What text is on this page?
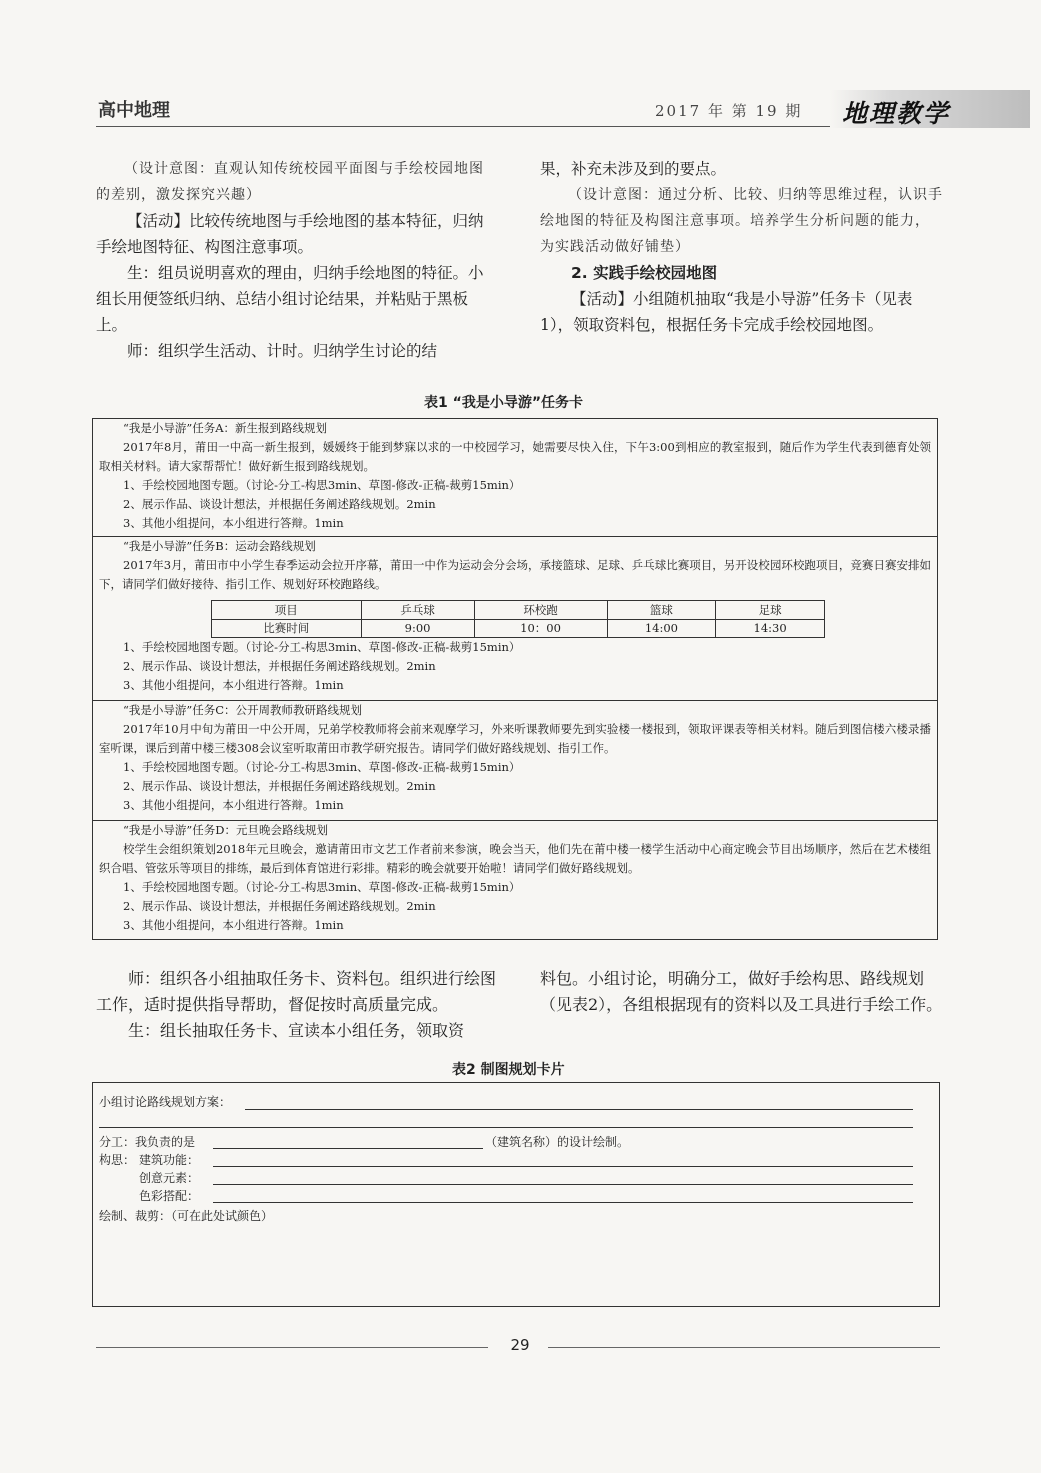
高中地理	2017 年 第 19 期 地理教学

（设计意图：直观认知传统校园平面图与手绘校园地图的差别，激发探究兴趣）

【活动】比较传统地图与手绘地图的基本特征，归纳手绘地图特征、构图注意事项。

生：组员说明喜欢的理由，归纳手绘地图的特征。小组长用便签纸归纳、总结小组讨论结果，并粘贴于黑板上。

师：组织学生活动、计时。归纳学生讨论的结

果，补充未涉及到的要点。

（设计意图：通过分析、比较、归纳等思维过程，认识手绘地图的特征及构图注意事项。培养学生分析问题的能力，为实践活动做好铺垫）

2. 实践手绘校园地图

【活动】小组随机抽取“我是小导游”任务卡（见表1），领取资料包，根据任务卡完成手绘校园地图。

表1 “我是小导游”任务卡
“我是小导游”任务A：新生报到路线规划
2017年8月，莆田一中高一新生报到，媛媛终于能到梦寐以求的一中校园学习，她需要尽快入住，下午3:00到相应的教室报到，随后作为学生代表到德育处领取相关材料。请大家帮帮忙！做好新生报到路线规划。
1、手绘校园地图专题。（讨论-分工-构思3min、草图-修改-正稿-裁剪15min）
2、展示作品、谈设计想法，并根据任务阐述路线规划。2min
3、其他小组提问，本小组进行答辩。1min
“我是小导游”任务B：运动会路线规划
2017年3月，莆田市中小学生春季运动会拉开序幕，莆田一中作为运动会分会场，承接篮球、足球、乒乓球比赛项目，另开设校园环校跑项目，竞赛日赛安排如下，请同学们做好接待、指引工作、规划好环校跑路线。
项目	乒乓球	环校跑	篮球	足球
比赛时间	9:00	10：00	14:00	14:30
1、手绘校园地图专题。（讨论-分工-构思3min、草图-修改-正稿-裁剪15min）
2、展示作品、谈设计想法，并根据任务阐述路线规划。2min
3、其他小组提问，本小组进行答辩。1min
“我是小导游”任务C：公开周教师教研路线规划
2017年10月中旬为莆田一中公开周，兄弟学校教师将会前来观摩学习，外来听课教师要先到实验楼一楼报到，领取评课表等相关材料。随后到图信楼六楼录播室听课，课后到莆中楼三楼308会议室听取莆田市教学研究报告。请同学们做好路线规划、指引工作。
1、手绘校园地图专题。（讨论-分工-构思3min、草图-修改-正稿-裁剪15min）
2、展示作品、谈设计想法，并根据任务阐述路线规划。2min
3、其他小组提问，本小组进行答辩。1min
“我是小导游”任务D：元旦晚会路线规划
校学生会组织策划2018年元旦晚会，邀请莆田市文艺工作者前来参演，晚会当天，他们先在莆中楼一楼学生活动中心商定晚会节目出场顺序，然后在艺术楼组织合唱、管弦乐等项目的排练，最后到体育馆进行彩排。精彩的晚会就要开始啦！请同学们做好路线规划。
1、手绘校园地图专题。（讨论-分工-构思3min、草图-修改-正稿-裁剪15min）
2、展示作品、谈设计想法，并根据任务阐述路线规划。2min
3、其他小组提问，本小组进行答辩。1min

师：组织各小组抽取任务卡、资料包。组织进行绘图工作，适时提供指导帮助，督促按时高质量完成。

生：组长抽取任务卡、宣读本小组任务，领取资

料包。小组讨论，明确分工，做好手绘构思、路线规划（见表2），各组根据现有的资料以及工具进行手绘工作。

表2 制图规划卡片
小组讨论路线规划方案：
分工：我负责的是	（建筑名称）的设计绘制。
构思： 建筑功能：
创意元素：
色彩搭配：
绘制、裁剪：（可在此处试颜色）
29
